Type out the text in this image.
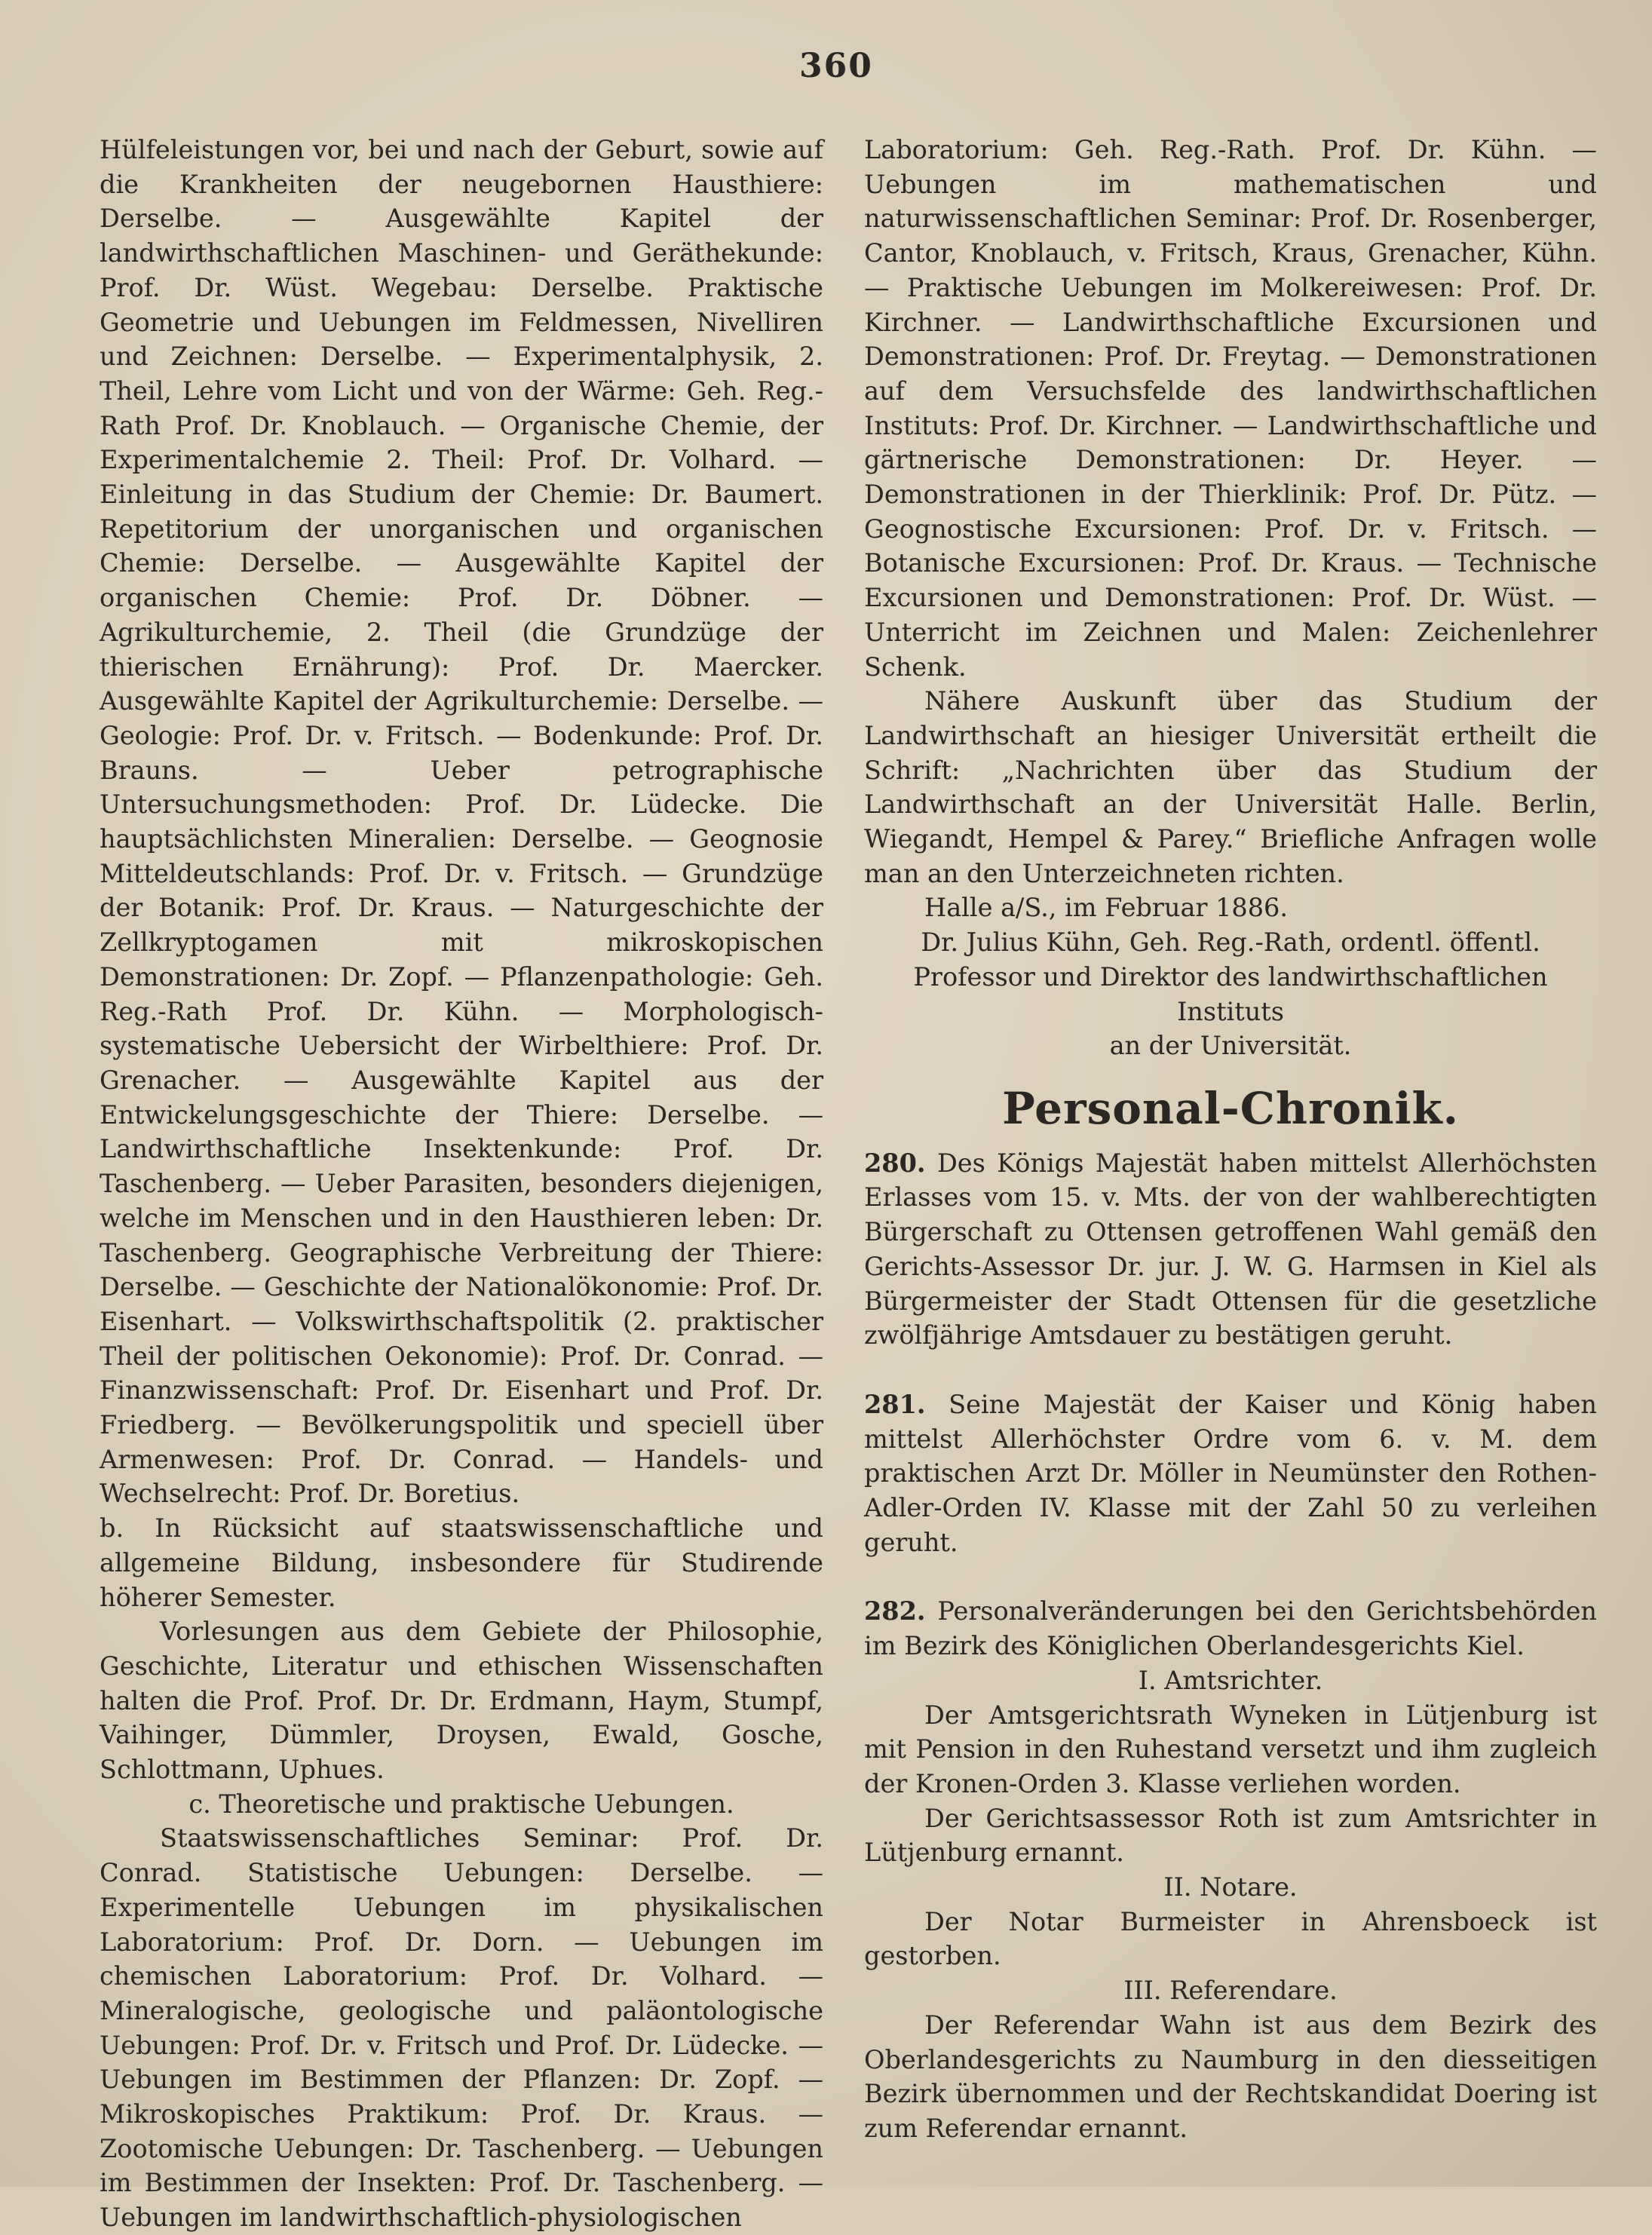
360

Hülfeleistungen vor, bei und nach der Geburt, sowie auf die Krankheiten der neugebornen Hausthiere: Derselbe. — Ausgewählte Kapitel der landwirthschaftlichen Maschinen- und Geräthekunde: Prof. Dr. Wüst. Wegebau: Derselbe. Praktische Geometrie und Uebungen im Feldmessen, Nivelliren und Zeichnen: Derselbe. — Experimentalphysik, 2. Theil, Lehre vom Licht und von der Wärme: Geh. Reg.-Rath Prof. Dr. Knoblauch. — Organische Chemie, der Experimentalchemie 2. Theil: Prof. Dr. Volhard. — Einleitung in das Studium der Chemie: Dr. Baumert. Repetitorium der unorganischen und organischen Chemie: Derselbe. — Ausgewählte Kapitel der organischen Chemie: Prof. Dr. Döbner. — Agrikulturchemie, 2. Theil (die Grundzüge der thierischen Ernährung): Prof. Dr. Maercker. Ausgewählte Kapitel der Agrikulturchemie: Derselbe. — Geologie: Prof. Dr. v. Fritsch. — Bodenkunde: Prof. Dr. Brauns. — Ueber petrographische Untersuchungsmethoden: Prof. Dr. Lüdecke. Die hauptsächlichsten Mineralien: Derselbe. — Geognosie Mitteldeutschlands: Prof. Dr. v. Fritsch. — Grundzüge der Botanik: Prof. Dr. Kraus. — Naturgeschichte der Zellkryptogamen mit mikroskopischen Demonstrationen: Dr. Zopf. — Pflanzenpathologie: Geh. Reg.-Rath Prof. Dr. Kühn. — Morphologisch-systematische Uebersicht der Wirbelthiere: Prof. Dr. Grenacher. — Ausgewählte Kapitel aus der Entwickelungsgeschichte der Thiere: Derselbe. — Landwirthschaftliche Insektenkunde: Prof. Dr. Taschenberg. — Ueber Parasiten, besonders diejenigen, welche im Menschen und in den Hausthieren leben: Dr. Taschenberg. Geographische Verbreitung der Thiere: Derselbe. — Geschichte der Nationalökonomie: Prof. Dr. Eisenhart. — Volkswirthschaftspolitik (2. praktischer Theil der politischen Oekonomie): Prof. Dr. Conrad. — Finanzwissenschaft: Prof. Dr. Eisenhart und Prof. Dr. Friedberg. — Bevölkerungspolitik und speciell über Armenwesen: Prof. Dr. Conrad. — Handels- und Wechselrecht: Prof. Dr. Boretius.

b. In Rücksicht auf staatswissenschaftliche und allgemeine Bildung, insbesondere für Studirende höherer Semester.

Vorlesungen aus dem Gebiete der Philosophie, Geschichte, Literatur und ethischen Wissenschaften halten die Prof. Prof. Dr. Dr. Erdmann, Haym, Stumpf, Vaihinger, Dümmler, Droysen, Ewald, Gosche, Schlottmann, Uphues.

c. Theoretische und praktische Uebungen.

Staatswissenschaftliches Seminar: Prof. Dr. Conrad. Statistische Uebungen: Derselbe. — Experimentelle Uebungen im physikalischen Laboratorium: Prof. Dr. Dorn. — Uebungen im chemischen Laboratorium: Prof. Dr. Volhard. — Mineralogische, geologische und paläontologische Uebungen: Prof. Dr. v. Fritsch und Prof. Dr. Lüdecke. — Uebungen im Bestimmen der Pflanzen: Dr. Zopf. — Mikroskopisches Praktikum: Prof. Dr. Kraus. — Zootomische Uebungen: Dr. Taschenberg. — Uebungen im Bestimmen der Insekten: Prof. Dr. Taschenberg. — Uebungen im landwirthschaftlich-physiologischen

Laboratorium: Geh. Reg.-Rath. Prof. Dr. Kühn. — Uebungen im mathematischen und naturwissenschaftlichen Seminar: Prof. Dr. Rosenberger, Cantor, Knoblauch, v. Fritsch, Kraus, Grenacher, Kühn. — Praktische Uebungen im Molkereiwesen: Prof. Dr. Kirchner. — Landwirthschaftliche Excursionen und Demonstrationen: Prof. Dr. Freytag. — Demonstrationen auf dem Versuchsfelde des landwirthschaftlichen Instituts: Prof. Dr. Kirchner. — Landwirthschaftliche und gärtnerische Demonstrationen: Dr. Heyer. — Demonstrationen in der Thierklinik: Prof. Dr. Pütz. — Geognostische Excursionen: Prof. Dr. v. Fritsch. — Botanische Excursionen: Prof. Dr. Kraus. — Technische Excursionen und Demonstrationen: Prof. Dr. Wüst. — Unterricht im Zeichnen und Malen: Zeichenlehrer Schenk.

Nähere Auskunft über das Studium der Landwirthschaft an hiesiger Universität ertheilt die Schrift: „Nachrichten über das Studium der Landwirthschaft an der Universität Halle. Berlin, Wiegandt, Hempel & Parey.“ Briefliche Anfragen wolle man an den Unterzeichneten richten.

Halle a/S., im Februar 1886.

Dr. Julius Kühn, Geh. Reg.-Rath, ordentl. öffentl.

Professor und Direktor des landwirthschaftlichen Instituts

an der Universität.

Personal-Chronik.

280. Des Königs Majestät haben mittelst Allerhöchsten Erlasses vom 15. v. Mts. der von der wahlberechtigten Bürgerschaft zu Ottensen getroffenen Wahl gemäß den Gerichts-Assessor Dr. jur. J. W. G. Harmsen in Kiel als Bürgermeister der Stadt Ottensen für die gesetzliche zwölfjährige Amtsdauer zu bestätigen geruht.

281. Seine Majestät der Kaiser und König haben mittelst Allerhöchster Ordre vom 6. v. M. dem praktischen Arzt Dr. Möller in Neumünster den Rothen-Adler-Orden IV. Klasse mit der Zahl 50 zu verleihen geruht.

282. Personalveränderungen bei den Gerichtsbehörden im Bezirk des Königlichen Oberlandesgerichts Kiel.

I. Amtsrichter.

Der Amtsgerichtsrath Wyneken in Lütjenburg ist mit Pension in den Ruhestand versetzt und ihm zugleich der Kronen-Orden 3. Klasse verliehen worden.

Der Gerichtsassessor Roth ist zum Amtsrichter in Lütjenburg ernannt.

II. Notare.

Der Notar Burmeister in Ahrensboeck ist gestorben.

III. Referendare.

Der Referendar Wahn ist aus dem Bezirk des Oberlandesgerichts zu Naumburg in den diesseitigen Bezirk übernommen und der Rechtskandidat Doering ist zum Referendar ernannt.
